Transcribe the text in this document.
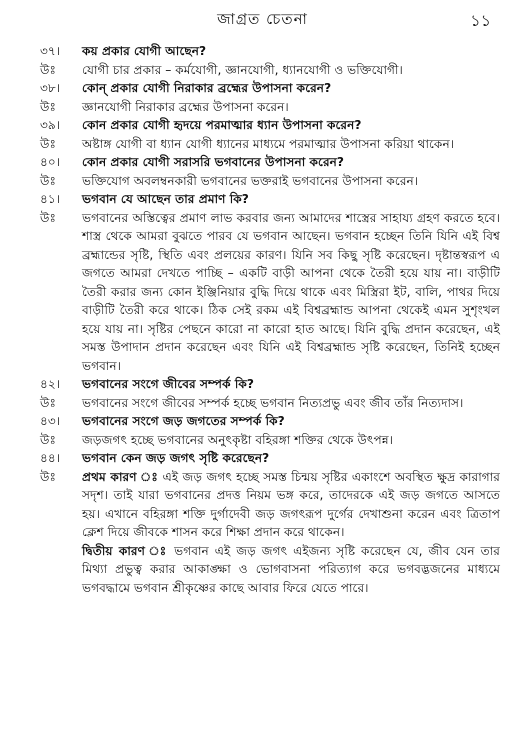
জাগ্রত চেতনা	১১
৩৭।	কয় প্রকার যোগী আছেন?
উঃ	যোগী চার প্রকার – কর্মযোগী, জ্ঞানযোগী, ধ্যানযোগী ও ভক্তিযোগী।

৩৮।	কোন্ প্রকার যোগী নিরাকার ব্রহ্মের উপাসনা করেন?
উঃ	জ্ঞানযোগী নিরাকার ব্রহ্মের উপাসনা করেন।

৩৯।	কোন প্রকার যোগী হৃদয়ে পরমাত্মার ধ্যান উপাসনা করেন?
উঃ	অষ্টাঙ্গ যোগী বা ধ্যান যোগী ধ্যানের মাধ্যমে পরমাত্মার উপাসনা করিয়া থাকেন।

৪০।	কোন প্রকার যোগী সরাসরি ভগবানের উপাসনা করেন?
উঃ	ভক্তিযোগ অবলম্বনকারী ভগবানের ভক্তরাই ভগবানের উপাসনা করেন।

৪১।	ভগবান যে আছেন তার প্রমাণ কি?
উঃ	ভগবানের অস্তিত্বের প্রমাণ লাভ করবার জন্য আমাদের শাস্ত্রের সাহায্য গ্রহণ করতে হবে। শাস্ত্র থেকে আমরা বুঝতে পারব যে ভগবান আছেন। ভগবান হচ্ছেন তিনি যিনি এই বিশ্ব ব্রহ্মান্ডের সৃষ্টি, স্থিতি এবং প্রলয়ের কারণ। যিনি সব কিছু সৃষ্টি করেছেন। দৃষ্টান্তস্বরূপ এ জগতে আমরা দেখতে পাচ্ছি – একটি বাড়ী আপনা থেকে তৈরী হয়ে যায় না। বাড়ীটি তৈরী করার জন্য কোন ইঞ্জিনিয়ার বুদ্ধি দিয়ে থাকে এবং মিস্ত্রিরা ইট, বালি, পাথর দিয়ে বাড়ীটি তৈরী করে থাকে। ঠিক সেই রকম এই বিশ্বব্রহ্মান্ড আপনা থেকেই এমন সুশৃংখল হয়ে যায় না। সৃষ্টির পেছনে কারো না কারো হাত আছে। যিনি বুদ্ধি প্রদান করেছেন, এই সমস্ত উপাদান প্রদান করেছেন এবং যিনি এই বিশ্বব্রহ্মান্ড সৃষ্টি করেছেন, তিনিই হচ্ছেন ভগবান।

৪২।	ভগবানের সংগে জীবের সম্পর্ক কি?
উঃ	ভগবানের সংগে জীবের সম্পর্ক হচ্ছে ভগবান নিত্যপ্রভু এবং জীব তাঁর নিত্যদাস।

৪৩।	ভগবানের সংগে জড় জগতের সম্পর্ক কি?
উঃ	জড়জগৎ হচ্ছে ভগবানের অনুৎকৃষ্টা বহিরঙ্গা শক্তির থেকে উৎপন্ন।

৪৪।	ভগবান কেন জড় জগৎ সৃষ্টি করেছেন?
উঃ	প্রথম কারণ ঃ এই জড় জগৎ হচ্ছে সমস্ত চিন্ময় সৃষ্টির একাংশে অবস্থিত ক্ষুদ্র কারাগার সদৃশ। তাই যারা ভগবানের প্রদত্ত নিয়ম ভঙ্গ করে, তাদেরকে এই জড় জগতে আসতে হয়। এখানে বহিরঙ্গা শক্তি দুর্গাদেবী জড় জগৎরূপ দুর্গের দেখাশুনা করেন এবং ত্রিতাপ ক্লেশ দিয়ে জীবকে শাসন করে শিক্ষা প্রদান করে থাকেন।

দ্বিতীয় কারণ ঃ ভগবান এই জড় জগৎ এইজন্য সৃষ্টি করেছেন যে, জীব যেন তার মিথ্যা প্রভুত্ব করার আকাঙ্ক্ষা ও ভোগবাসনা পরিত্যাগ করে ভগবদ্ভজনের মাধ্যমে ভগবদ্ধামে ভগবান শ্রীকৃষ্ণের কাছে আবার ফিরে যেতে পারে।
